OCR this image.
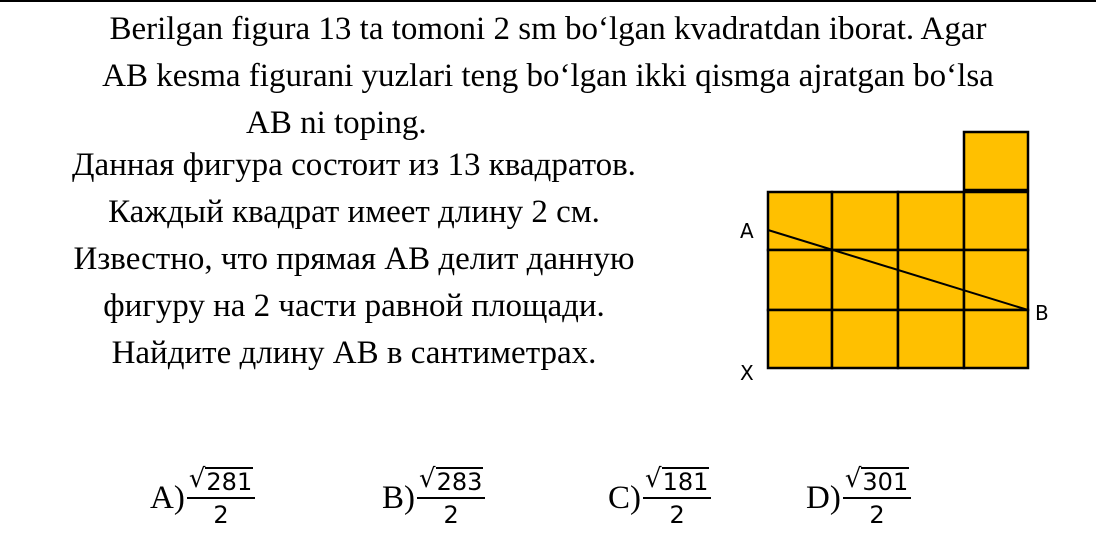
Berilgan figura 13 ta tomoni 2 sm bo‘lgan kvadratdan iborat. Agar
AB kesma figurani yuzlari teng bo‘lgan ikki qismga ajratgan bo‘lsa
AB ni toping.
Данная фигура состоит из 13 квадратов.
Каждый квадрат имеет длину 2 см.
Известно, что прямая AB делит данную
фигуру на 2 части равной площади.
Найдите длину AB в сантиметрах.
A
B
X
$A) \frac{√ 281}{2}$	$B) \frac{√ 283}{2}$	$C) \frac{√ 181}{2}$	$D) \frac{√ 301}{2}$
